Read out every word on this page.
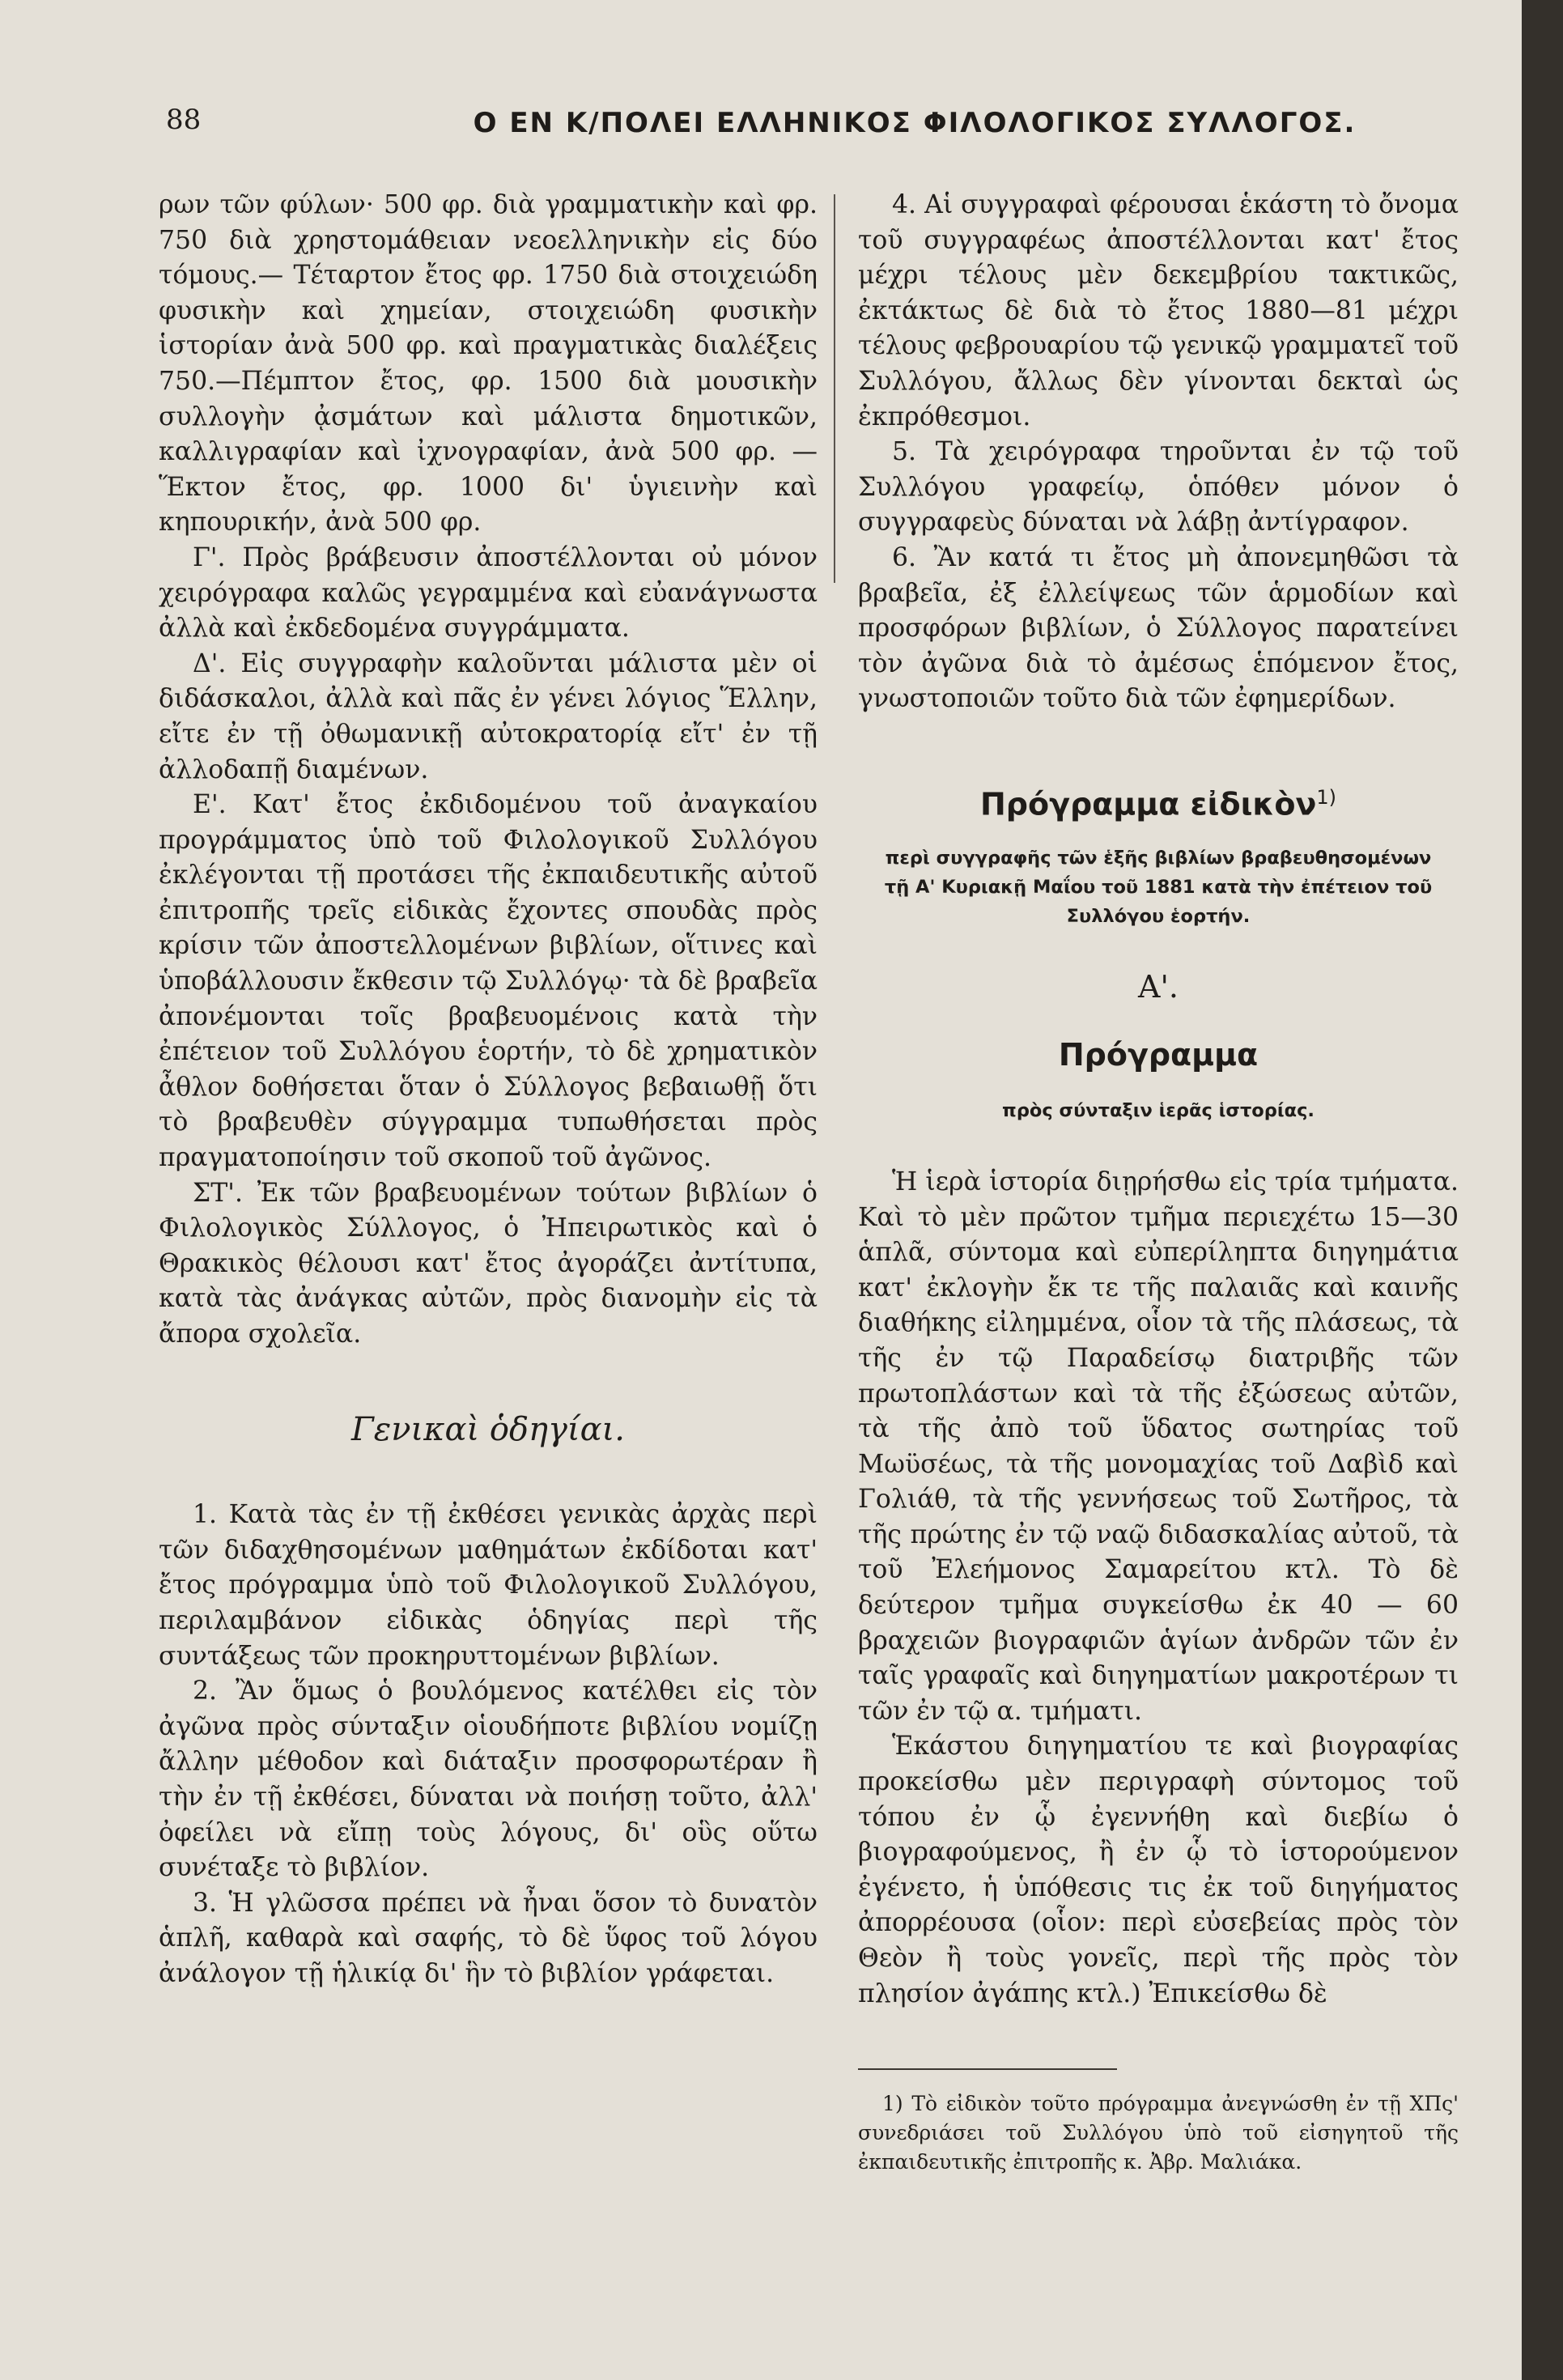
88	Ο ΕΝ Κ/ΠΟΛΕΙ ΕΛΛΗΝΙΚΟΣ ΦΙΛΟΛΟΓΙΚΟΣ ΣΥΛΛΟΓΟΣ.

ρων τῶν φύλων· 500 φρ. διὰ γραμματικὴν καὶ φρ. 750 διὰ χρηστομάθειαν νεοελληνικὴν εἰς δύο τόμους.— Τέταρτον ἔτος φρ. 1750 διὰ στοιχειώδη φυσικὴν καὶ χημείαν, στοιχειώδη φυσικὴν ἱστορίαν ἀνὰ 500 φρ. καὶ πραγματικὰς διαλέξεις 750.—Πέμπτον ἔτος, φρ. 1500 διὰ μουσικὴν συλλογὴν ᾀσμάτων καὶ μάλιστα δημοτικῶν, καλλιγραφίαν καὶ ἰχνογραφίαν, ἀνὰ 500 φρ. — Ἕκτον ἔτος, φρ. 1000 δι' ὑγιεινὴν καὶ κηπουρικήν, ἀνὰ 500 φρ.

Γ'. Πρὸς βράβευσιν ἀποστέλλονται οὐ μόνον χειρόγραφα καλῶς γεγραμμένα καὶ εὐανάγνωστα ἀλλὰ καὶ ἐκδεδομένα συγγράμματα.

Δ'. Εἰς συγγραφὴν καλοῦνται μάλιστα μὲν οἱ διδάσκαλοι, ἀλλὰ καὶ πᾶς ἐν γένει λόγιος Ἕλλην, εἴτε ἐν τῇ ὀθωμανικῇ αὐτοκρατορίᾳ εἴτ' ἐν τῇ ἀλλοδαπῇ διαμένων.

Ε'. Κατ' ἔτος ἐκδιδομένου τοῦ ἀναγκαίου προγράμματος ὑπὸ τοῦ Φιλολογικοῦ Συλλόγου ἐκλέγονται τῇ προτάσει τῆς ἐκπαιδευτικῆς αὐτοῦ ἐπιτροπῆς τρεῖς εἰδικὰς ἔχοντες σπουδὰς πρὸς κρίσιν τῶν ἀποστελλομένων βιβλίων, οἵτινες καὶ ὑποβάλλουσιν ἔκθεσιν τῷ Συλλόγῳ· τὰ δὲ βραβεῖα ἀπονέμονται τοῖς βραβευομένοις κατὰ τὴν ἐπέτειον τοῦ Συλλόγου ἑορτήν, τὸ δὲ χρηματικὸν ἆθλον δοθήσεται ὅταν ὁ Σύλλογος βεβαιωθῇ ὅτι τὸ βραβευθὲν σύγγραμμα τυπωθήσεται πρὸς πραγματοποίησιν τοῦ σκοποῦ τοῦ ἀγῶνος.

ΣΤ'. Ἐκ τῶν βραβευομένων τούτων βιβλίων ὁ Φιλολογικὸς Σύλλογος, ὁ Ἠπειρωτικὸς καὶ ὁ Θρακικὸς θέλουσι κατ' ἔτος ἀγοράζει ἀντίτυπα, κατὰ τὰς ἀνάγκας αὐτῶν, πρὸς διανομὴν εἰς τὰ ἄπορα σχολεῖα.

Γενικαὶ ὁδηγίαι.

1. Κατὰ τὰς ἐν τῇ ἐκθέσει γενικὰς ἀρχὰς περὶ τῶν διδαχθησομένων μαθημάτων ἐκδίδοται κατ' ἔτος πρόγραμμα ὑπὸ τοῦ Φιλολογικοῦ Συλλόγου, περιλαμβάνον εἰδικὰς ὁδηγίας περὶ τῆς συντάξεως τῶν προκηρυττομένων βιβλίων.

2. Ἂν ὅμως ὁ βουλόμενος κατέλθει εἰς τὸν ἀγῶνα πρὸς σύνταξιν οἱουδήποτε βιβλίου νομίζῃ ἄλλην μέθοδον καὶ διάταξιν προσφορωτέραν ἢ τὴν ἐν τῇ ἐκθέσει, δύναται νὰ ποιήσῃ τοῦτο, ἀλλ' ὀφείλει νὰ εἴπῃ τοὺς λόγους, δι' οὓς οὕτω συνέταξε τὸ βιβλίον.

3. Ἡ γλῶσσα πρέπει νὰ ἦναι ὅσον τὸ δυνατὸν ἁπλῆ, καθαρὰ καὶ σαφής, τὸ δὲ ὕφος τοῦ λόγου ἀνάλογον τῇ ἡλικίᾳ δι' ἣν τὸ βιβλίον γράφεται.

4. Αἱ συγγραφαὶ φέρουσαι ἑκάστη τὸ ὄνομα τοῦ συγγραφέως ἀποστέλλονται κατ' ἔτος μέχρι τέλους μὲν δεκεμβρίου τακτικῶς, ἐκτάκτως δὲ διὰ τὸ ἔτος 1880—81 μέχρι τέλους φεβρουαρίου τῷ γενικῷ γραμματεῖ τοῦ Συλλόγου, ἄλλως δὲν γίνονται δεκταὶ ὡς ἐκπρόθεσμοι.

5. Τὰ χειρόγραφα τηροῦνται ἐν τῷ τοῦ Συλλόγου γραφείῳ, ὁπόθεν μόνον ὁ συγγραφεὺς δύναται νὰ λάβῃ ἀντίγραφον.

6. Ἂν κατά τι ἔτος μὴ ἀπονεμηθῶσι τὰ βραβεῖα, ἐξ ἐλλείψεως τῶν ἁρμοδίων καὶ προσφόρων βιβλίων, ὁ Σύλλογος παρατείνει τὸν ἀγῶνα διὰ τὸ ἀμέσως ἑπόμενον ἔτος, γνωστοποιῶν τοῦτο διὰ τῶν ἐφημερίδων.

Πρόγραμμα εἰδικὸν$^{1)}$
περὶ συγγραφῆς τῶν ἑξῆς βιβλίων βραβευθησομένων τῇ Α' Κυριακῇ Μαΐου τοῦ 1881 κατὰ τὴν ἐπέτειον τοῦ Συλλόγου ἑορτήν.
Α'.
Πρόγραμμα
πρὸς σύνταξιν ἱερᾶς ἱστορίας.

Ἡ ἱερὰ ἱστορία διῃρήσθω εἰς τρία τμήματα. Καὶ τὸ μὲν πρῶτον τμῆμα περιεχέτω 15—30 ἁπλᾶ, σύντομα καὶ εὐπερίληπτα διηγημάτια κατ' ἐκλογὴν ἔκ τε τῆς παλαιᾶς καὶ καινῆς διαθήκης εἰλημμένα, οἷον τὰ τῆς πλάσεως, τὰ τῆς ἐν τῷ Παραδείσῳ διατριβῆς τῶν πρωτοπλάστων καὶ τὰ τῆς ἐξώσεως αὐτῶν, τὰ τῆς ἀπὸ τοῦ ὕδατος σωτηρίας τοῦ Μωϋσέως, τὰ τῆς μονομαχίας τοῦ Δαβὶδ καὶ Γολιάθ, τὰ τῆς γεννήσεως τοῦ Σωτῆρος, τὰ τῆς πρώτης ἐν τῷ ναῷ διδασκαλίας αὐτοῦ, τὰ τοῦ Ἐλεήμονος Σαμαρείτου κτλ. Τὸ δὲ δεύτερον τμῆμα συγκείσθω ἐκ 40 — 60 βραχειῶν βιογραφιῶν ἁγίων ἀνδρῶν τῶν ἐν ταῖς γραφαῖς καὶ διηγηματίων μακροτέρων τι τῶν ἐν τῷ α. τμήματι.

Ἑκάστου διηγηματίου τε καὶ βιογραφίας προκείσθω μὲν περιγραφὴ σύντομος τοῦ τόπου ἐν ᾧ ἐγεννήθη καὶ διεβίω ὁ βιογραφούμενος, ἢ ἐν ᾧ τὸ ἱστορούμενον ἐγένετο, ἡ ὑπόθεσις τις ἐκ τοῦ διηγήματος ἀπορρέουσα (οἷον: περὶ εὐσεβείας πρὸς τὸν Θεὸν ἢ τοὺς γονεῖς, περὶ τῆς πρὸς τὸν πλησίον ἀγάπης κτλ.) Ἐπικείσθω δὲ

1) Τὸ εἰδικὸν τοῦτο πρόγραμμα ἀνεγνώσθη ἐν τῇ ΧΠς' συνεδριάσει τοῦ Συλλόγου ὑπὸ τοῦ εἰσηγητοῦ τῆς ἐκπαιδευτικῆς ἐπιτροπῆς κ. Ἀβρ. Μαλιάκα.
